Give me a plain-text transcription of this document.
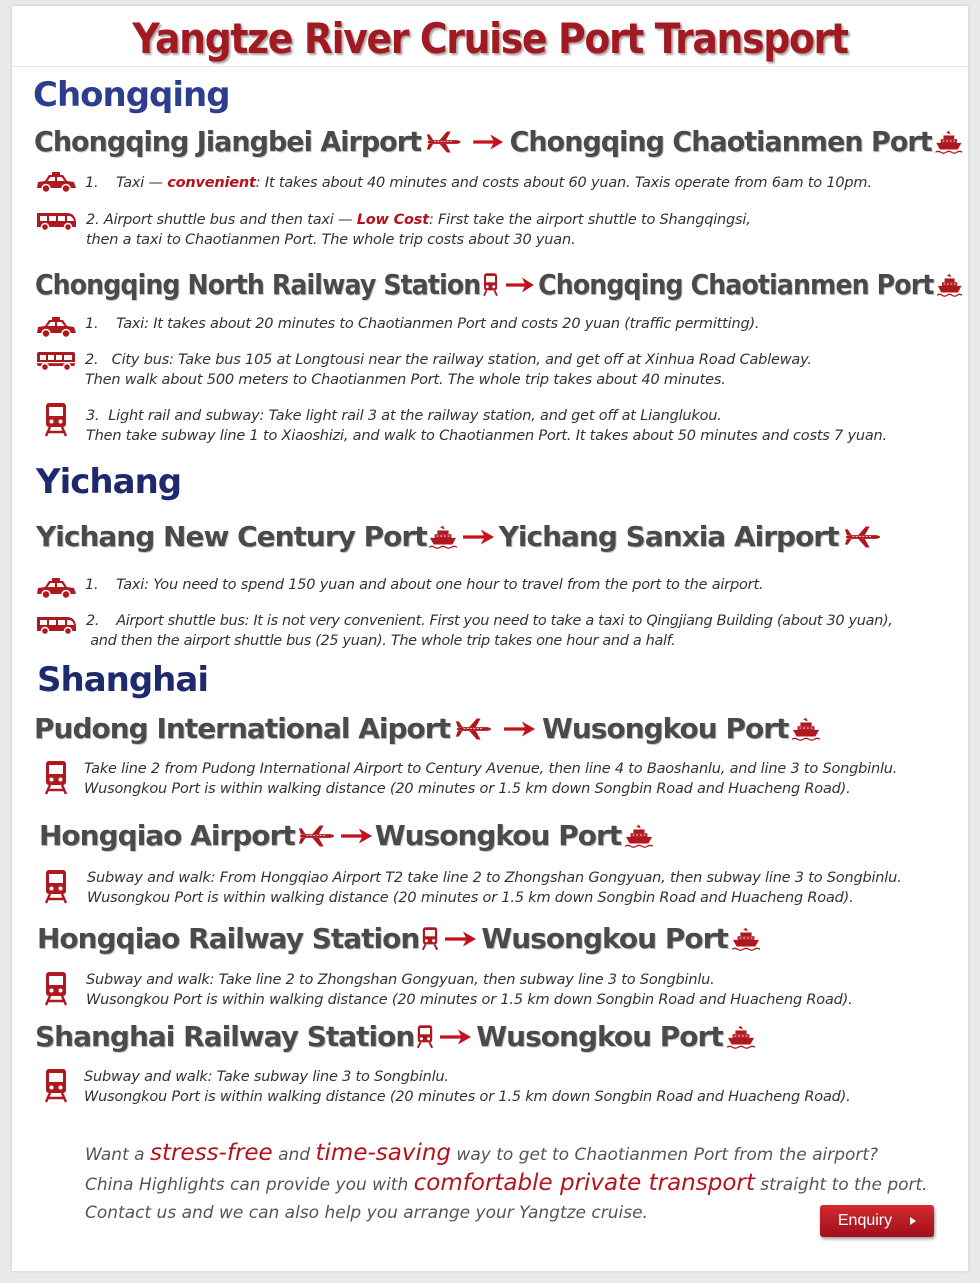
Yangtze River Cruise Port Transport
Chongqing
Chongqing Jiangbei Airport	Chongqing Chaotianmen Port

1. Taxi — convenient: It takes about 40 minutes and costs about 60 yuan. Taxis operate from 6am to 10pm.

2. Airport shuttle bus and then taxi — Low Cost: First take the airport shuttle to Shangqingsi,
then a taxi to Chaotianmen Port. The whole trip costs about 30 yuan.

Chongqing North Railway Station Chongqing Chaotianmen Port

1. Taxi: It takes about 20 minutes to Chaotianmen Port and costs 20 yuan (traffic permitting).

2. City bus: Take bus 105 at Longtousi near the railway station, and get off at Xinhua Road Cableway.
Then walk about 500 meters to Chaotianmen Port. The whole trip takes about 40 minutes.

3. Light rail and subway: Take light rail 3 at the railway station, and get off at Lianglukou.
Then take subway line 1 to Xiaoshizi, and walk to Chaotianmen Port. It takes about 50 minutes and costs 7 yuan.

Yichang
Yichang New Century Port	Yichang Sanxia Airport

1. Taxi: You need to spend 150 yuan and about one hour to travel from the port to the airport.

2. Airport shuttle bus: It is not very convenient. First you need to take a taxi to Qingjiang Building (about 30 yuan),
and then the airport shuttle bus (25 yuan). The whole trip takes one hour and a half.

Shanghai
Pudong International Aiport	Wusongkou Port

Take line 2 from Pudong International Airport to Century Avenue, then line 4 to Baoshanlu, and line 3 to Songbinlu.
Wusongkou Port is within walking distance (20 minutes or 1.5 km down Songbin Road and Huacheng Road).

Hongqiao Airport	Wusongkou Port

Subway and walk: From Hongqiao Airport T2 take line 2 to Zhongshan Gongyuan, then subway line 3 to Songbinlu.
Wusongkou Port is within walking distance (20 minutes or 1.5 km down Songbin Road and Huacheng Road).

Hongqiao Railway Station Wusongkou Port

Subway and walk: Take line 2 to Zhongshan Gongyuan, then subway line 3 to Songbinlu.
Wusongkou Port is within walking distance (20 minutes or 1.5 km down Songbin Road and Huacheng Road).

Shanghai Railway Station Wusongkou Port

Subway and walk: Take subway line 3 to Songbinlu.
Wusongkou Port is within walking distance (20 minutes or 1.5 km down Songbin Road and Huacheng Road).

Want a stress-free and time-saving way to get to Chaotianmen Port from the airport?
China Highlights can provide you with comfortable private transport straight to the port.
Contact us and we can also help you arrange your Yangtze cruise.	Enquiry
